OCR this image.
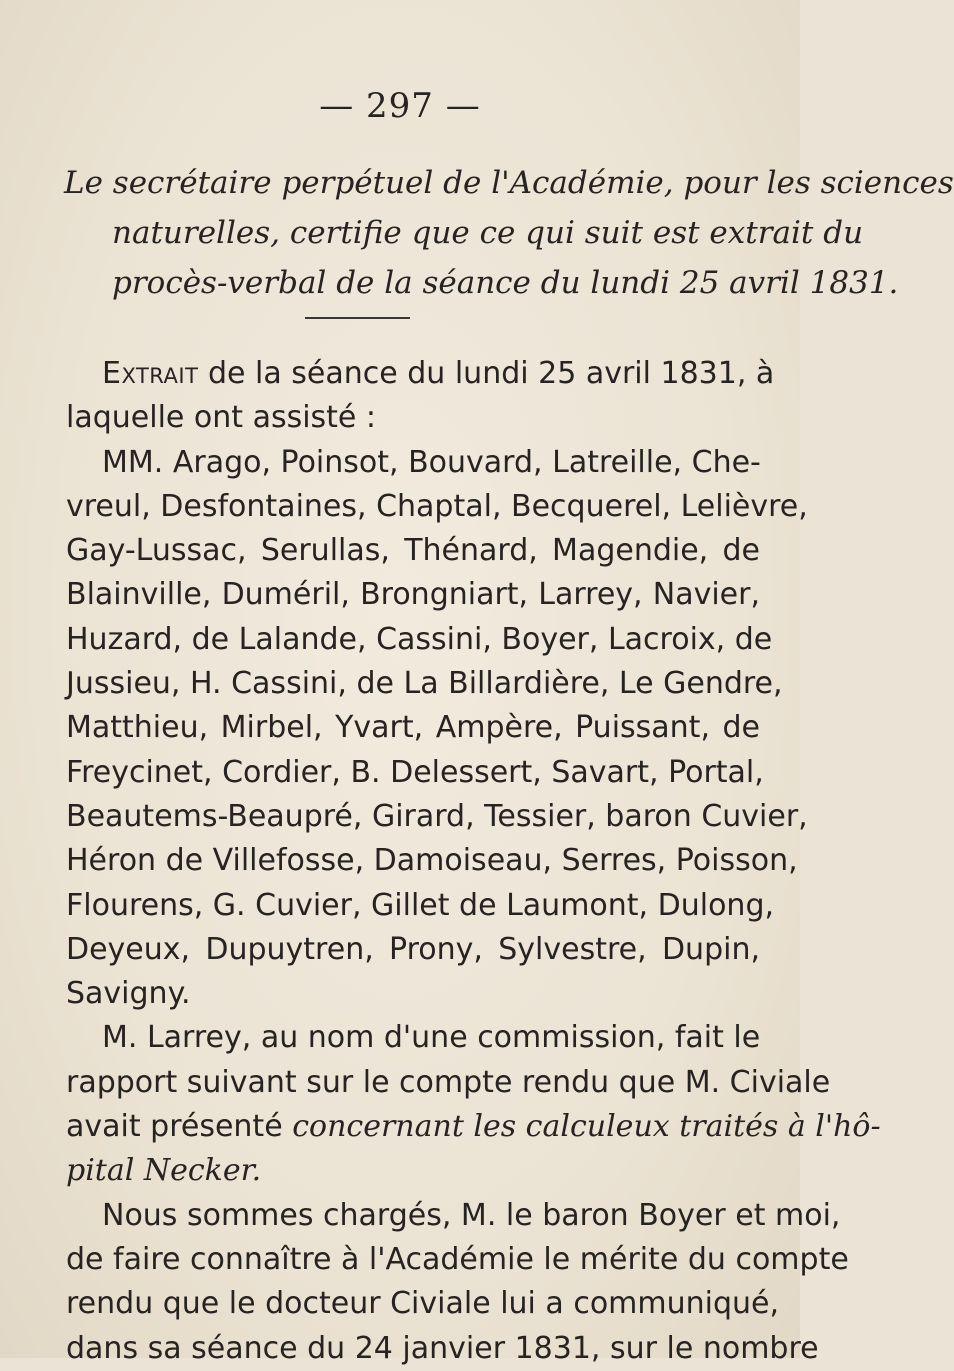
— 297 —
Le secrétaire perpétuel de l'Académie, pour les sciences
naturelles, certifie que ce qui suit est extrait du
procès-verbal de la séance du lundi 25 avril 1831.
Extrait de la séance du lundi 25 avril 1831, à
laquelle ont assisté :
MM. Arago, Poinsot, Bouvard, Latreille, Che-
vreul, Desfontaines, Chaptal, Becquerel, Lelièvre,
Gay-Lussac, Serullas, Thénard, Magendie, de
Blainville, Duméril, Brongniart, Larrey, Navier,
Huzard, de Lalande, Cassini, Boyer, Lacroix, de
Jussieu, H. Cassini, de La Billardière, Le Gendre,
Matthieu, Mirbel, Yvart, Ampère, Puissant, de
Freycinet, Cordier, B. Delessert, Savart, Portal,
Beautems-Beaupré, Girard, Tessier, baron Cuvier,
Héron de Villefosse, Damoiseau, Serres, Poisson,
Flourens, G. Cuvier, Gillet de Laumont, Dulong,
Deyeux, Dupuytren, Prony, Sylvestre, Dupin,
Savigny.
M. Larrey, au nom d'une commission, fait le
rapport suivant sur le compte rendu que M. Civiale
avait présenté concernant les calculeux traités à l'hô-
pital Necker.
Nous sommes chargés, M. le baron Boyer et moi,
de faire connaître à l'Académie le mérite du compte
rendu que le docteur Civiale lui a communiqué,
dans sa séance du 24 janvier 1831, sur le nombre
